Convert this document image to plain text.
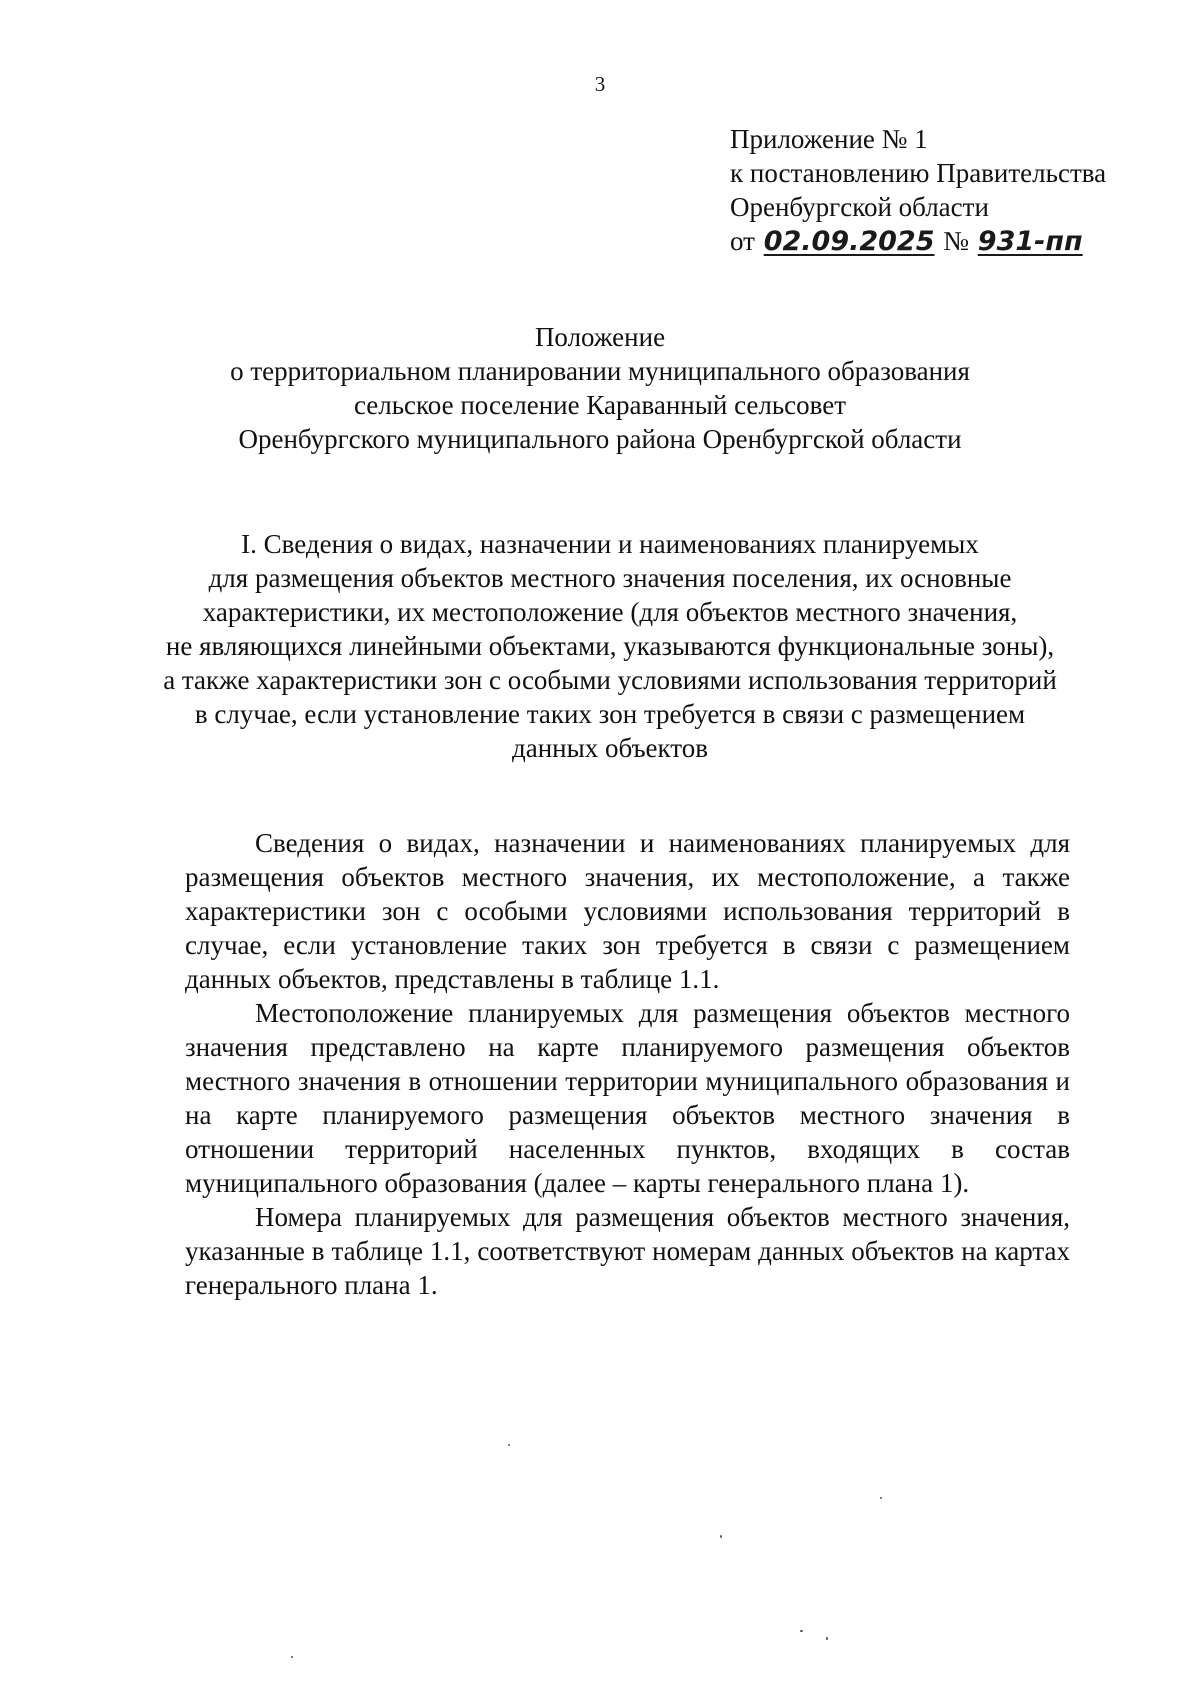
3
Приложение № 1
к постановлению Правительства
Оренбургской области
от 02.09.2025 № 931-пп
Положение
о территориальном планировании муниципального образования
сельское поселение Караванный сельсовет
Оренбургского муниципального района Оренбургской области
I. Сведения о видах, назначении и наименованиях планируемых
для размещения объектов местного значения поселения, их основные
характеристики, их местоположение (для объектов местного значения,
не являющихся линейными объектами, указываются функциональные зоны),
а также характеристики зон с особыми условиями использования территорий
в случае, если установление таких зон требуется в связи с размещением
данных объектов

Сведения о видах, назначении и наименованиях планируемых для размещения объектов местного значения, их местоположение, а также характеристики зон с особыми условиями использования территорий в случае, если установление таких зон требуется в связи с размещением данных объектов, представлены в таблице 1.1.

Местоположение планируемых для размещения объектов местного значения представлено на карте планируемого размещения объектов местного значения в отношении территории муниципального образования и на карте планируемого размещения объектов местного значения в отношении территорий населенных пунктов, входящих в состав муниципального образования (далее – карты генерального плана 1).

Номера планируемых для размещения объектов местного значения, указанные в таблице 1.1, соответствуют номерам данных объектов на картах генерального плана 1.
